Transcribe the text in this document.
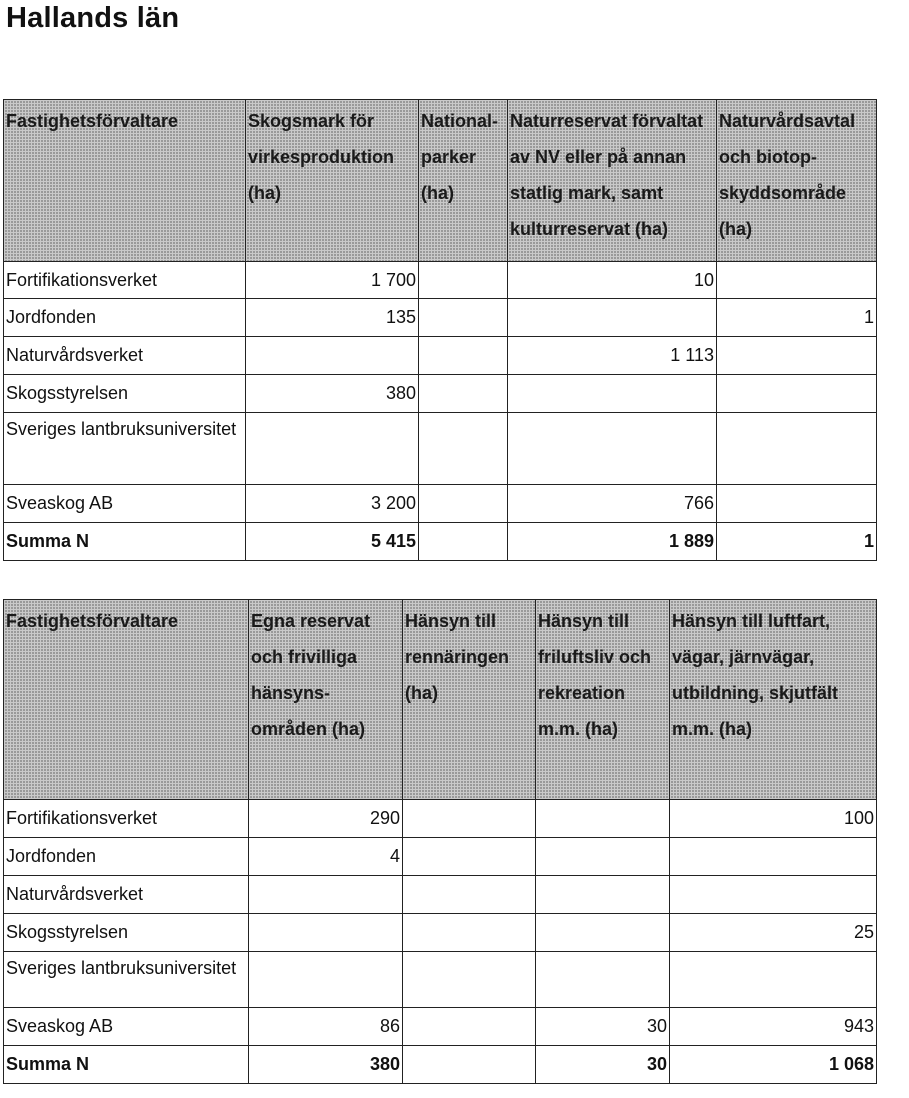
Hallands län
Fastighetsförvaltare	Skogsmark för virkesproduktion (ha)	National- parker (ha)	Naturreservat förvaltat av NV eller på annan statlig mark, samt kulturreservat (ha)	Naturvårdsavtal och biotop- skyddsområde (ha)
Fortifikationsverket	1 700		10	
Jordfonden	135			1
Naturvårdsverket			1 113	
Skogsstyrelsen	380			
Sveriges lantbruksuniversitet				
Sveaskog AB	3 200		766	
Summa N	5 415		1 889	1
Fastighetsförvaltare	Egna reservat och frivilliga hänsyns- områden (ha)	Hänsyn till rennäringen (ha)	Hänsyn till friluftsliv och rekreation m.m. (ha)	Hänsyn till luftfart, vägar, järnvägar, utbildning, skjutfält m.m. (ha)
Fortifikationsverket	290			100
Jordfonden	4			
Naturvårdsverket				
Skogsstyrelsen				25
Sveriges lantbruksuniversitet				
Sveaskog AB	86		30	943
Summa N	380		30	1 068
